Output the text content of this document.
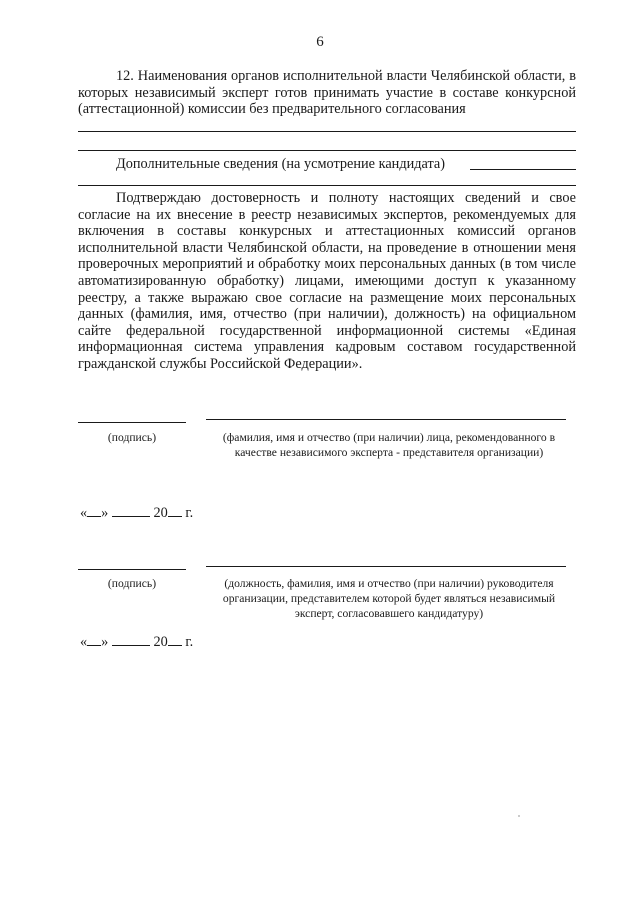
6
12. Наименования органов исполнительной власти Челябинской области, в которых независимый эксперт готов принимать участие в составе конкурсной (аттестационной) комиссии без предварительного согласования
Дополнительные сведения (на усмотрение кандидата)

Подтверждаю достоверность и полноту настоящих сведений и свое согласие на их внесение в реестр независимых экспертов, рекомендуемых для включения в составы конкурсных и аттестационных комиссий органов исполнительной власти Челябинской области, на проведение в отношении меня проверочных мероприятий и обработку моих персональных данных (в том числе автоматизированную обработку) лицами, имеющими доступ к указанному реестру, а также выражаю свое согласие на размещение моих персональных данных (фамилия, имя, отчество (при наличии), должность) на официальном сайте федеральной государственной информационной системы «Единая информационная система управления кадровым составом государственной гражданской службы Российской Федерации».

(подпись)	(фамилия, имя и отчество (при наличии) лица, рекомендованного в качестве независимого эксперта - представителя организации)
« »	20 г.
(подпись)	(должность, фамилия, имя и отчество (при наличии) руководителя организации, представителем которой будет являться независимый эксперт, согласовавшего кандидатуру)
« »	20 г.
